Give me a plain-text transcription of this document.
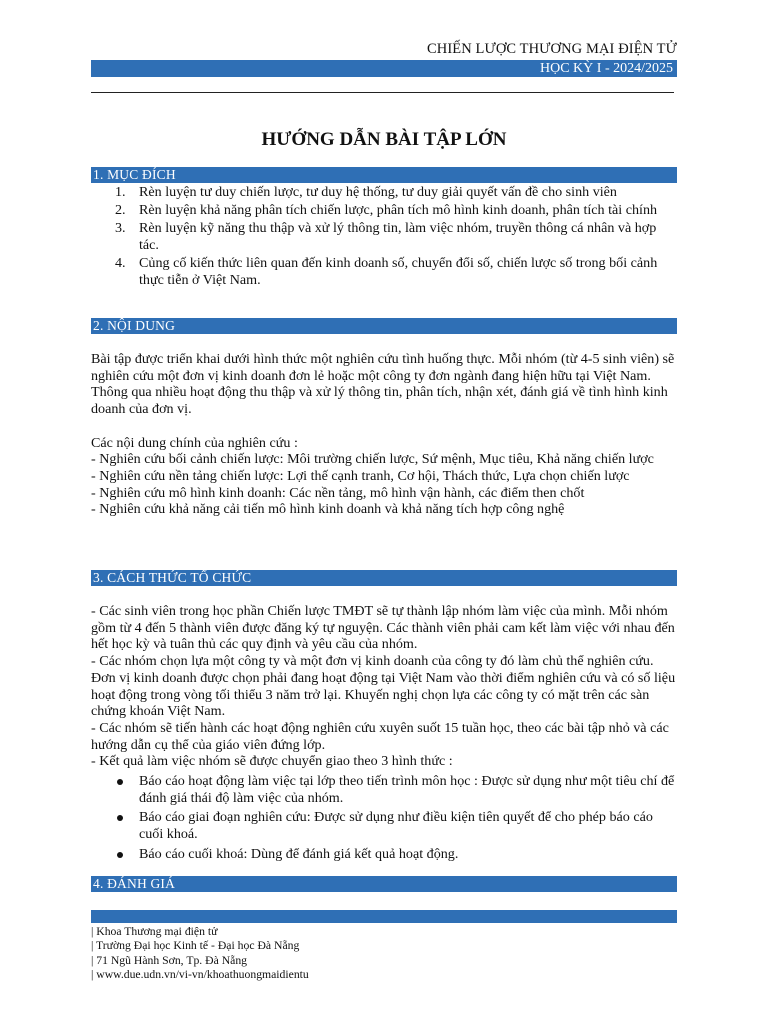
CHIẾN LƯỢC THƯƠNG MẠI ĐIỆN TỬ
HỌC KỲ I - 2024/2025
HƯỚNG DẪN BÀI TẬP LỚN
1. MỤC ĐÍCH
1. Rèn luyện tư duy chiến lược, tư duy hệ thống, tư duy giải quyết vấn đề cho sinh viên
2. Rèn luyện khả năng phân tích chiến lược, phân tích mô hình kinh doanh, phân tích tài chính
3. Rèn luyện kỹ năng thu thập và xử lý thông tin, làm việc nhóm, truyền thông cá nhân và hợp tác.
4. Củng cố kiến thức liên quan đến kinh doanh số, chuyển đổi số, chiến lược số trong bối cảnh thực tiễn ở Việt Nam.
2. NỘI DUNG

Bài tập được triển khai dưới hình thức một nghiên cứu tình huống thực. Mỗi nhóm (từ 4-5 sinh viên) sẽ nghiên cứu một đơn vị kinh doanh đơn lẻ hoặc một công ty đơn ngành đang hiện hữu tại Việt Nam. Thông qua nhiều hoạt động thu thập và xử lý thông tin, phân tích, nhận xét, đánh giá về tình hình kinh doanh của đơn vị.

Các nội dung chính của nghiên cứu :

- Nghiên cứu bối cảnh chiến lược: Môi trường chiến lược, Sứ mệnh, Mục tiêu, Khả năng chiến lược

- Nghiên cứu nền tảng chiến lược: Lợi thế cạnh tranh, Cơ hội, Thách thức, Lựa chọn chiến lược

- Nghiên cứu mô hình kinh doanh: Các nền tảng, mô hình vận hành, các điểm then chốt

- Nghiên cứu khả năng cải tiến mô hình kinh doanh và khả năng tích hợp công nghệ

3. CÁCH THỨC TỔ CHỨC

- Các sinh viên trong học phần Chiến lược TMĐT sẽ tự thành lập nhóm làm việc của mình. Mỗi nhóm gồm từ 4 đến 5 thành viên được đăng ký tự nguyện. Các thành viên phải cam kết làm việc với nhau đến hết học kỳ và tuân thủ các quy định và yêu cầu của nhóm.

- Các nhóm chọn lựa một công ty và một đơn vị kinh doanh của công ty đó làm chủ thể nghiên cứu. Đơn vị kinh doanh được chọn phải đang hoạt động tại Việt Nam vào thời điểm nghiên cứu và có số liệu hoạt động trong vòng tối thiểu 3 năm trở lại. Khuyến nghị chọn lựa các công ty có mặt trên các sàn chứng khoán Việt Nam.

- Các nhóm sẽ tiến hành các hoạt động nghiên cứu xuyên suốt 15 tuần học, theo các bài tập nhỏ và các hướng dẫn cụ thể của giáo viên đứng lớp.

- Kết quả làm việc nhóm sẽ được chuyển giao theo 3 hình thức :

Báo cáo hoạt động làm việc tại lớp theo tiến trình môn học : Được sử dụng như một tiêu chí để đánh giá thái độ làm việc của nhóm.
Báo cáo giai đoạn nghiên cứu: Được sử dụng như điều kiện tiên quyết để cho phép báo cáo cuối khoá.
Báo cáo cuối khoá: Dùng để đánh giá kết quả hoạt động.
4. ĐÁNH GIÁ
| Khoa Thương mại điện tử
| Trường Đại học Kinh tế - Đại học Đà Nẵng
| 71 Ngũ Hành Sơn, Tp. Đà Nẵng
| www.due.udn.vn/vi-vn/khoathuongmaidientu
